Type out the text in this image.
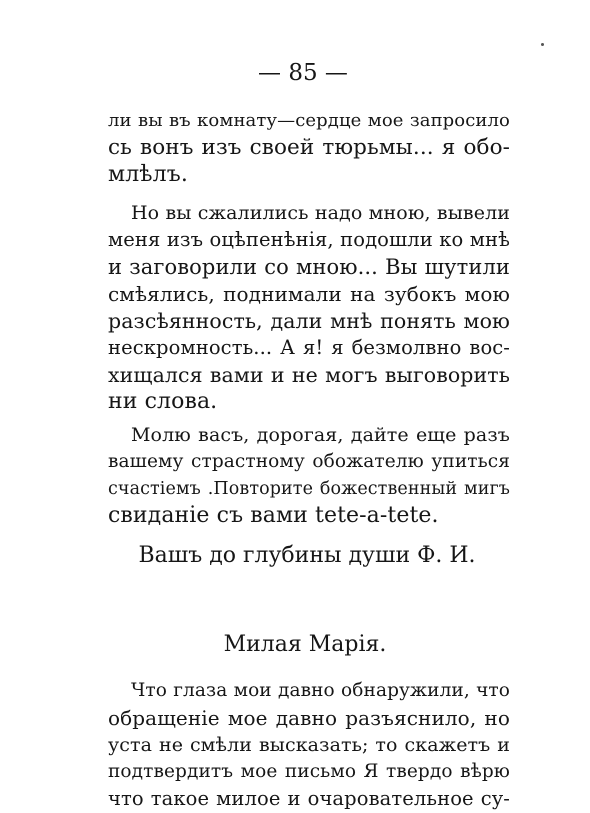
— 85 —
ли вы въ комнату—сердце мое запросило
сь вонъ изъ своей тюрьмы... я обо-
млѣлъ.
Но вы сжалились надо мною, вывели
меня изъ оцѣпенѣнія, подошли ко мнѣ
и заговорили со мною... Вы шутили
смѣялись, поднимали на зубокъ мою
разсѣянность, дали мнѣ понять мою
нескромность... А я! я безмолвно вос-
хищался вами и не могъ выговорить
ни слова.
Молю васъ, дорогая, дайте еще разъ
вашему страстному обожателю упиться
счастіемъ .Повторите божественный мигъ
свиданіе съ вами tete-a-tete.
Вашъ до глубины души Ф. И.
Милая Марія.
Что глаза мои давно обнаружили, что
обращеніе мое давно разъяснило, но
уста не смѣли высказать; то скажетъ и
подтвердитъ мое письмо Я твердо вѣрю
что такое милое и очаровательное су-
